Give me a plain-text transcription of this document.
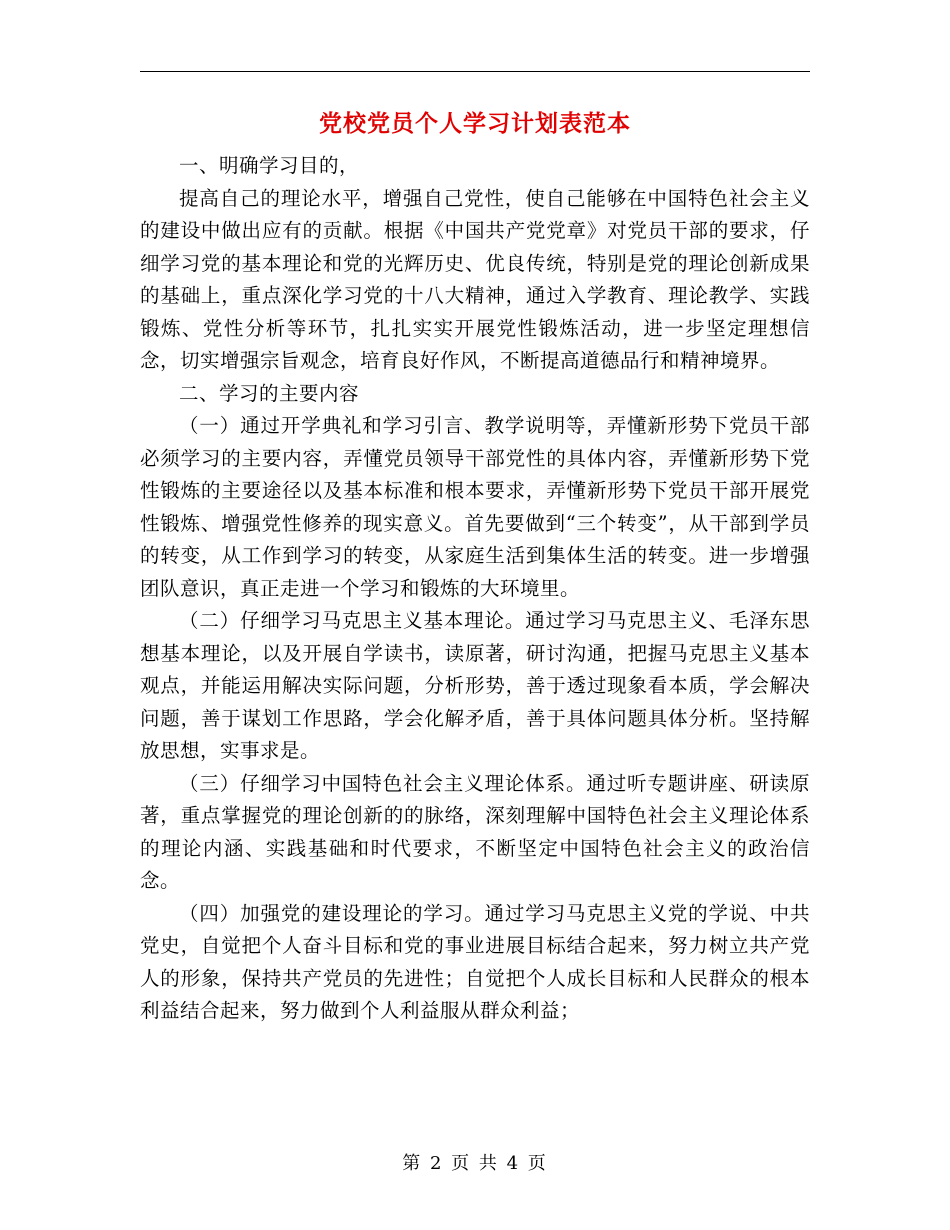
党校党员个人学习计划表范本

一、明确学习目的，

提高自己的理论水平，增强自己党性，使自己能够在中国特色社会主义的建设中做出应有的贡献。根据《中国共产党党章》对党员干部的要求，仔细学习党的基本理论和党的光辉历史、优良传统，特别是党的理论创新成果的基础上，重点深化学习党的十八大精神，通过入学教育、理论教学、实践锻炼、党性分析等环节，扎扎实实开展党性锻炼活动，进一步坚定理想信念，切实增强宗旨观念，培育良好作风，不断提高道德品行和精神境界。

二、学习的主要内容

（一）通过开学典礼和学习引言、教学说明等，弄懂新形势下党员干部必须学习的主要内容，弄懂党员领导干部党性的具体内容，弄懂新形势下党性锻炼的主要途径以及基本标准和根本要求，弄懂新形势下党员干部开展党性锻炼、增强党性修养的现实意义。首先要做到“三个转变”，从干部到学员的转变，从工作到学习的转变，从家庭生活到集体生活的转变。进一步增强团队意识，真正走进一个学习和锻炼的大环境里。

（二）仔细学习马克思主义基本理论。通过学习马克思主义、毛泽东思想基本理论，以及开展自学读书，读原著，研讨沟通，把握马克思主义基本观点，并能运用解决实际问题，分析形势，善于透过现象看本质，学会解决问题，善于谋划工作思路，学会化解矛盾，善于具体问题具体分析。坚持解放思想，实事求是。

（三）仔细学习中国特色社会主义理论体系。通过听专题讲座、研读原著，重点掌握党的理论创新的的脉络，深刻理解中国特色社会主义理论体系的理论内涵、实践基础和时代要求，不断坚定中国特色社会主义的政治信念。

（四）加强党的建设理论的学习。通过学习马克思主义党的学说、中共党史，自觉把个人奋斗目标和党的事业进展目标结合起来，努力树立共产党人的形象，保持共产党员的先进性；自觉把个人成长目标和人民群众的根本利益结合起来，努力做到个人利益服从群众利益；

第 2 页 共 4 页
